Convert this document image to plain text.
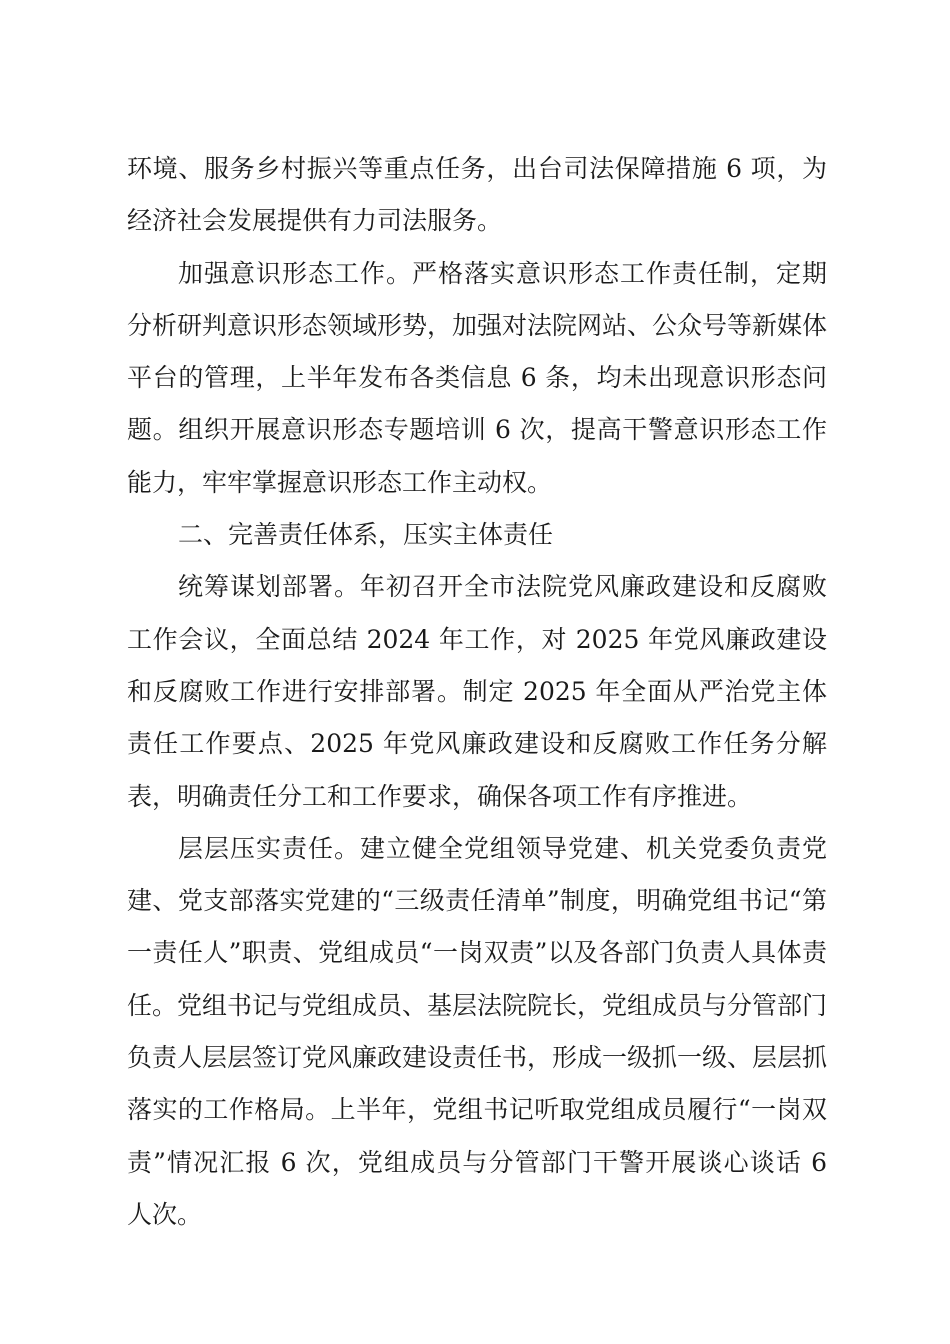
环境、服务乡村振兴等重点任务，出台司法保障措施 6 项，为经济社会发展提供有力司法服务。

加强意识形态工作。严格落实意识形态工作责任制，定期分析研判意识形态领域形势，加强对法院网站、公众号等新媒体平台的管理，上半年发布各类信息 6 条，均未出现意识形态问题。组织开展意识形态专题培训 6 次，提高干警意识形态工作能力，牢牢掌握意识形态工作主动权。

二、完善责任体系，压实主体责任

统筹谋划部署。年初召开全市法院党风廉政建设和反腐败工作会议，全面总结 2024 年工作，对 2025 年党风廉政建设和反腐败工作进行安排部署。制定 2025 年全面从严治党主体责任工作要点、2025 年党风廉政建设和反腐败工作任务分解表，明确责任分工和工作要求，确保各项工作有序推进。

层层压实责任。建立健全党组领导党建、机关党委负责党建、党支部落实党建的“三级责任清单”制度，明确党组书记“第一责任人”职责、党组成员“一岗双责”以及各部门负责人具体责任。党组书记与党组成员、基层法院院长，党组成员与分管部门负责人层层签订党风廉政建设责任书，形成一级抓一级、层层抓落实的工作格局。上半年，党组书记听取党组成员履行“一岗双责”情况汇报 6 次，党组成员与分管部门干警开展谈心谈话 6 人次。
